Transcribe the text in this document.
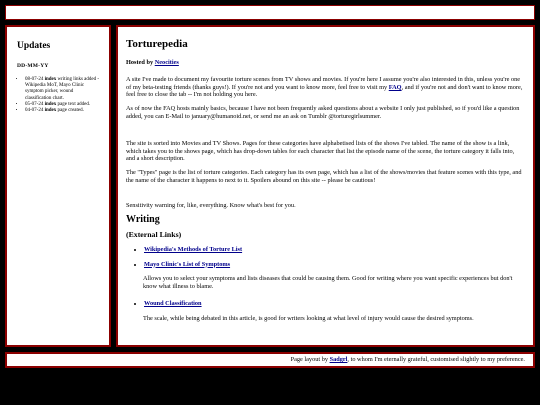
Updates
DD-MM-YY
• 08-07-24 index writing links added - Wikipedia MoT, Mayo Clinic symptom picker, wound classification chart.
• 05-07-24 index page text added.
• 04-07-24 index page created.
Torturepedia

Hosted by Neocities

A site I've made to document my favourite torture scenes from TV shows and movies. If you're here I assume you're also interested in this, unless you're one of my beta-testing friends (thanks guys!). If you're not and you want to know more, feel free to visit my FAQ, and if you're not and don't want to know more, feel free to close the tab -- I'm not holding you here.

As of now the FAQ hosts mainly basics, because I have not been frequently asked questions about a website I only just published, so if you'd like a question added, you can E-Mail to january@humanoid.net, or send me an ask on Tumblr @torturegirlsummer.

The site is sorted into Movies and TV Shows. Pages for these categories have alphabetised lists of the shows I've tabled. The name of the show is a link, which takes you to the shows page, which has drop-down tables for each character that list the episode name of the scene, the torture category it falls into, and a short description.

The "Types" page is the list of torture categories. Each category has its own page, which has a list of the shows/movies that feature scenes with this type, and the name of the character it happens to next to it. Spoilers abound on this site -- please be cautious!

Sensitivity warning for, like, everything. Know what's best for you.

Writing
(External Links)
• Wikipedia's Methods of Torture List
• Mayo Clinic's List of Symptoms

Allows you to select your symptoms and lists diseases that could be causing them. Good for writing where you want specific experiences but don't know what illness to blame.

• Wound Classification

The scale, while being debated in this article, is good for writers looking at what level of injury would cause the desired symptoms.

Page layout by Sadgrl, to whom I'm eternally grateful, customised slightly to my preference.
